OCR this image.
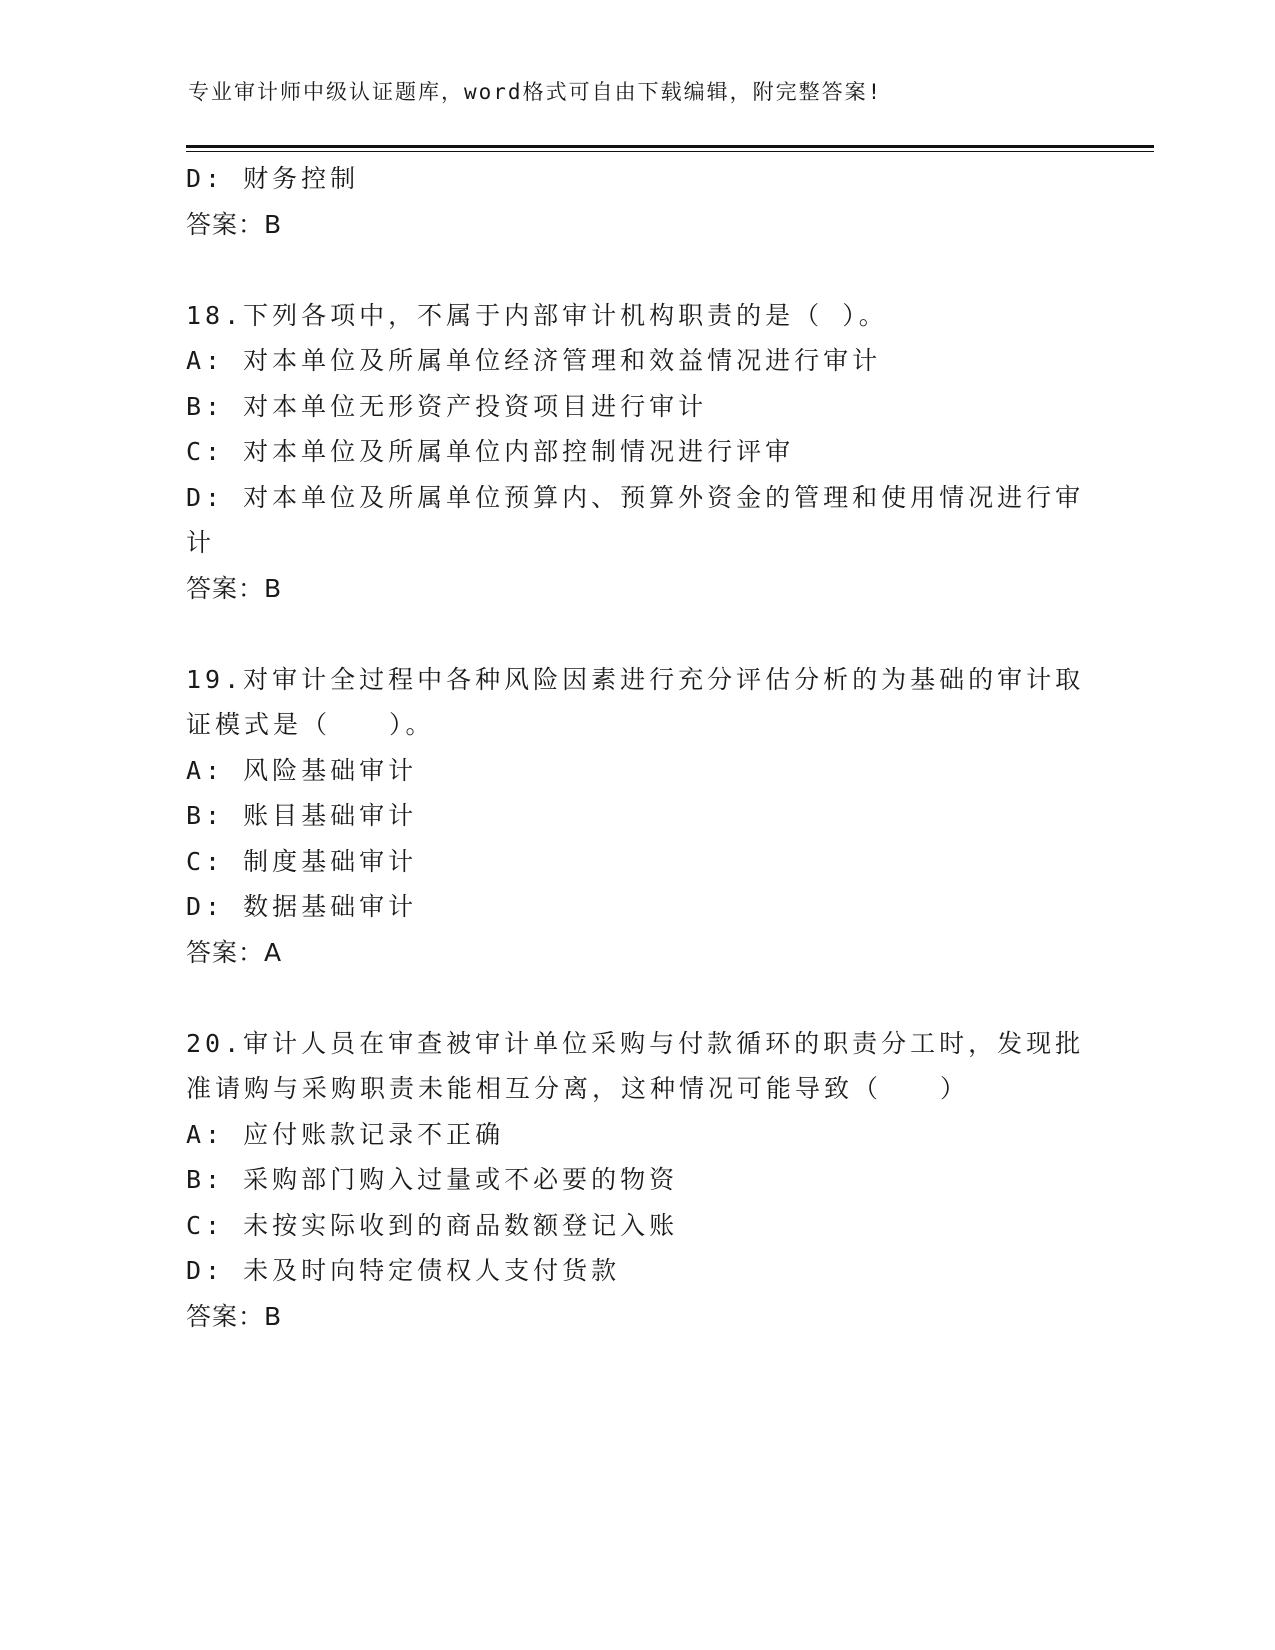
专业审计师中级认证题库，word格式可自由下载编辑，附完整答案!
D: 财务控制
答案：B
18.下列各项中，不属于内部审计机构职责的是（ ）。
A: 对本单位及所属单位经济管理和效益情况进行审计
B: 对本单位无形资产投资项目进行审计
C: 对本单位及所属单位内部控制情况进行评审
D: 对本单位及所属单位预算内、预算外资金的管理和使用情况进行审
计
答案：B
19.对审计全过程中各种风险因素进行充分评估分析的为基础的审计取
证模式是（　　）。
A: 风险基础审计
B: 账目基础审计
C: 制度基础审计
D: 数据基础审计
答案：A
20.审计人员在审查被审计单位采购与付款循环的职责分工时，发现批
准请购与采购职责未能相互分离，这种情况可能导致（　　）
A: 应付账款记录不正确
B: 采购部门购入过量或不必要的物资
C: 未按实际收到的商品数额登记入账
D: 未及时向特定债权人支付货款
答案：B
